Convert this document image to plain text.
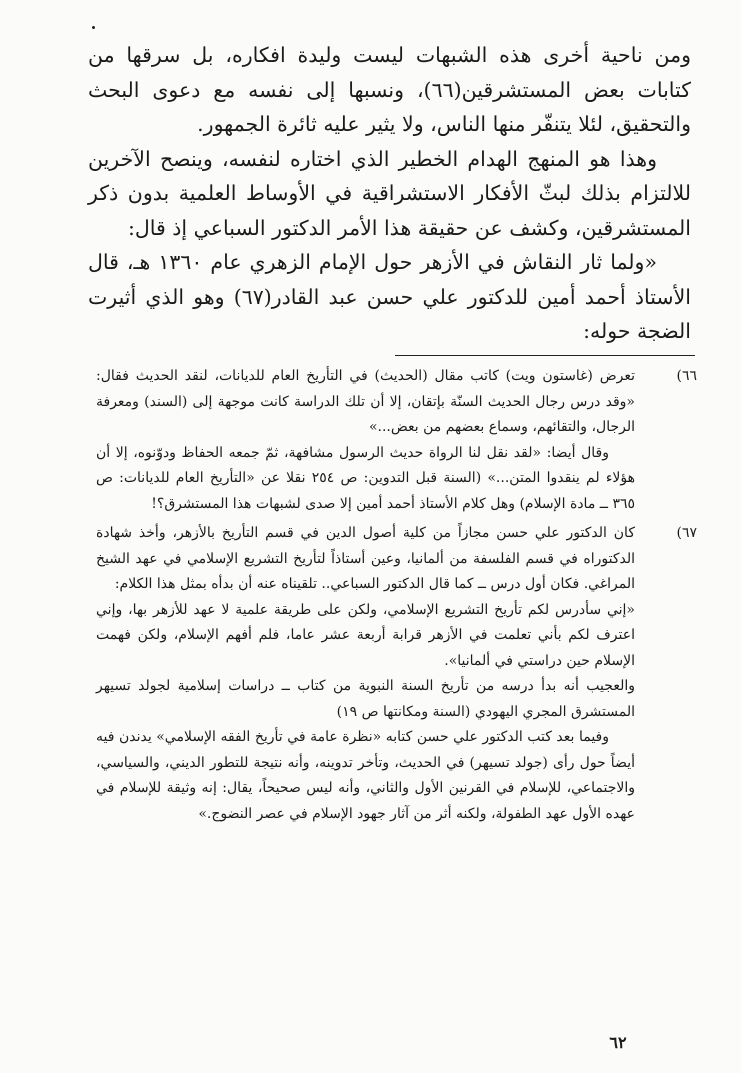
ومن ناحية أخرى هذه الشبهات ليست وليدة افكاره، بل سرقها من كتابات بعض المستشرقين(٦٦)، ونسبها إلى نفسه مع دعوى البحث والتحقيق، لئلا يتنفّر منها الناس، ولا يثير عليه ثائرة الجمهور.

وهذا هو المنهج الهدام الخطير الذي اختاره لنفسه، وينصح الآخرين للالتزام بذلك لبثّ الأفكار الاستشراقية في الأوساط العلمية بدون ذكر المستشرقين، وكشف عن حقيقة هذا الأمر الدكتور السباعي إذ قال:

«ولما ثار النقاش في الأزهر حول الإمام الزهري عام ١٣٦٠ هـ، قال الأستاذ أحمد أمين للدكتور علي حسن عبد القادر(٦٧) وهو الذي أثيرت الضجة حوله:

٦٦)

تعرض (غاستون ويت) كاتب مقال (الحديث) في التأريخ العام للديانات، لنقد الحديث فقال: «وقد درس رجال الحديث السنّة بإتقان، إلا أن تلك الدراسة كانت موجهة إلى (السند) ومعرفة الرجال، والتقائهم، وسماع بعضهم من بعض...»

وقال أيضا: «لقد نقل لنا الرواة حديث الرسول مشافهة، ثمّ جمعه الحفاظ ودوّنوه، إلا أن هؤلاء لم ينقدوا المتن...» (السنة قبل التدوين: ص ٢٥٤ نقلا عن «التأريخ العام للديانات: ص ٣٦٥ ــ مادة الإسلام) وهل كلام الأستاذ أحمد أمين إلا صدى لشبهات هذا المستشرق؟!

٦٧)

كان الدكتور علي حسن مجازاً من كلية أصول الدين في قسم التأريخ بالأزهر، وأخذ شهادة الدكتوراه في قسم الفلسفة من ألمانيا، وعين أستاذاً لتأريخ التشريع الإسلامي في عهد الشيخ المراغي. فكان أول درس ــ كما قال الدكتور السباعي.. تلقيناه عنه أن بدأه بمثل هذا الكلام:

«إني سأدرس لكم تأريخ التشريع الإسلامي، ولكن على طريقة علمية لا عهد للأزهر بها، وإني اعترف لكم بأني تعلمت في الأزهر قرابة أربعة عشر عاما، فلم أفهم الإسلام، ولكن فهمت الإسلام حين دراستي في ألمانيا».

والعجيب أنه بدأ درسه من تأريخ السنة النبوية من كتاب ــ دراسات إسلامية لجولد تسيهر المستشرق المجري اليهودي (السنة ومكانتها ص ١٩)

وفيما بعد كتب الدكتور علي حسن كتابه «نظرة عامة في تأريخ الفقه الإسلامي» يدندن فيه أيضاً حول رأى (جولد تسيهر) في الحديث، وتأخر تدوينه، وأنه نتيجة للتطور الديني، والسياسي، والاجتماعي، للإسلام في القرنين الأول والثاني، وأنه ليس صحيحاً، يقال: إنه وثيقة للإسلام في عهده الأول عهد الطفولة، ولكنه أثر من آثار جهود الإسلام في عصر النضوج.»

٦٢
